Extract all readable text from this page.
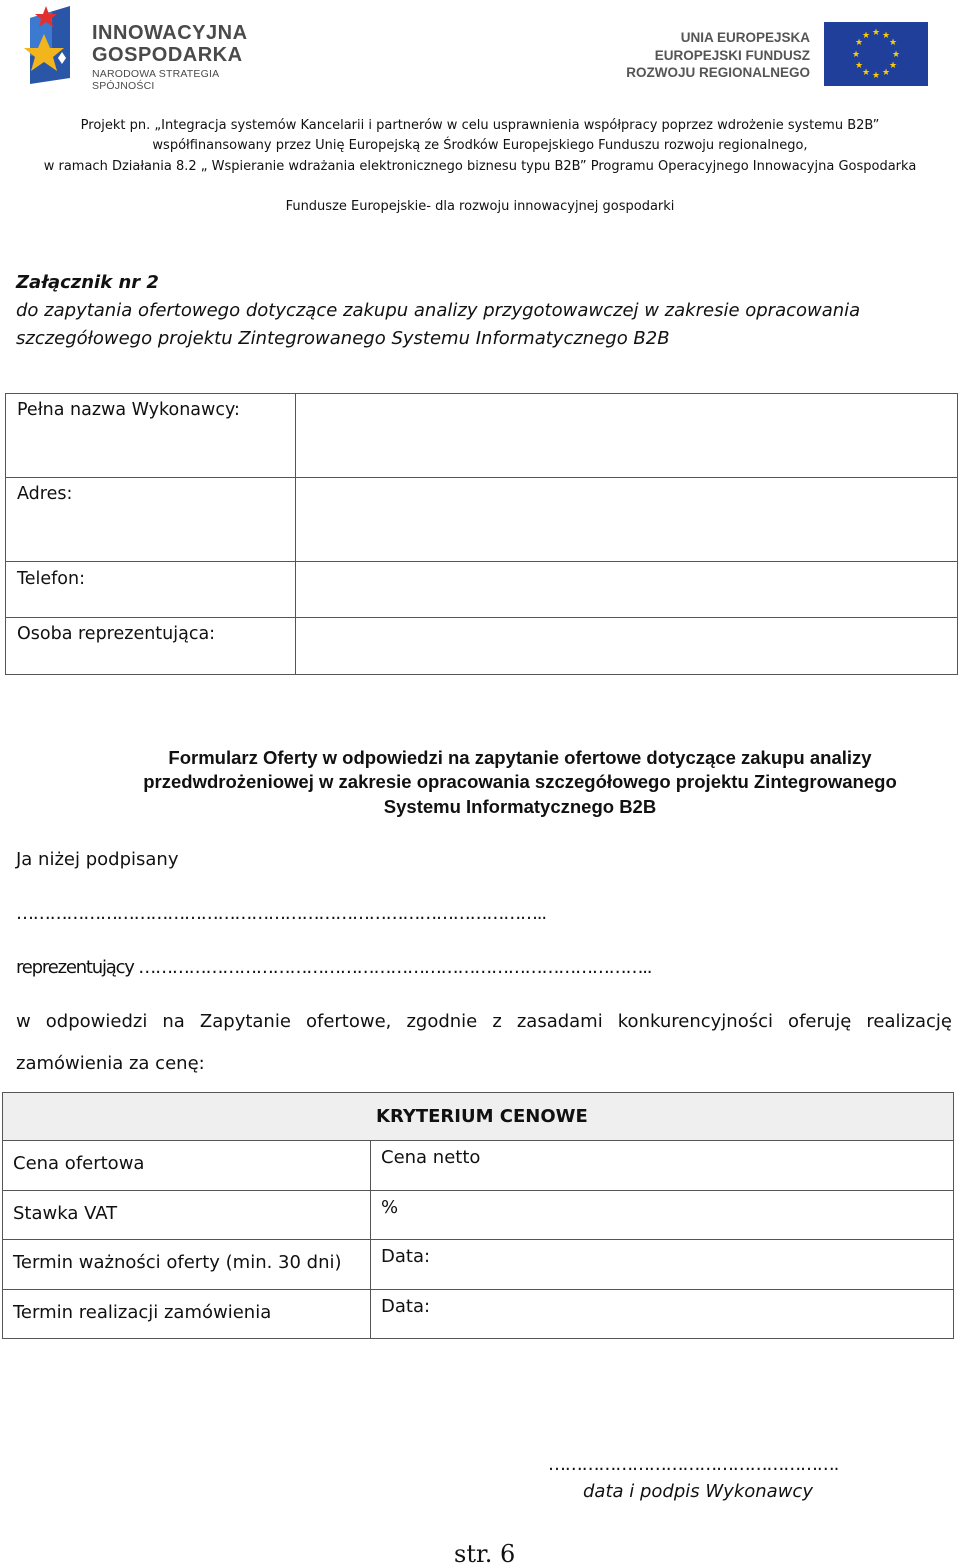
INNOWACYJNA
GOSPODARKA
NARODOWA STRATEGIA SPÓJNOŚCI
UNIA EUROPEJSKA
EUROPEJSKI FUNDUSZ
ROZWOJU REGIONALNEGO
★ ★
★
★
★
★
★
★
★
★
★
★
Projekt pn. „Integracja systemów Kancelarii i partnerów w celu usprawnienia współpracy poprzez wdrożenie systemu B2B”
współfinansowany przez Unię Europejską ze Środków Europejskiego Funduszu rozwoju regionalnego,
w ramach Działania 8.2 „ Wspieranie wdrażania elektronicznego biznesu typu B2B” Programu Operacyjnego Innowacyjna Gospodarka
Fundusze Europejskie- dla rozwoju innowacyjnej gospodarki
Załącznik nr 2
do zapytania ofertowego dotyczące zakupu analizy przygotowawczej w zakresie opracowania
szczegółowego projektu Zintegrowanego Systemu Informatycznego B2B
Pełna nazwa Wykonawcy:	
Adres:	
Telefon:	
Osoba reprezentująca:	
Formularz Oferty w odpowiedzi na zapytanie ofertowe dotyczące zakupu analizy
przedwdrożeniowej w zakresie opracowania szczegółowego projektu Zintegrowanego
Systemu Informatycznego B2B
Ja niżej podpisany
…………………………………………………………………………………..
reprezentujący ………………………………………………………………………………..
w odpowiedzi na Zapytanie ofertowe, zgodnie z zasadami konkurencyjności oferuję realizację
zamówienia za cenę:
KRYTERIUM CENOWE	
Cena ofertowa	Cena netto
Stawka VAT	%
Termin ważności oferty (min. 30 dni)	Data:
Termin realizacji zamówienia	Data:
…………………………………………….
data i podpis Wykonawcy
str. 6
